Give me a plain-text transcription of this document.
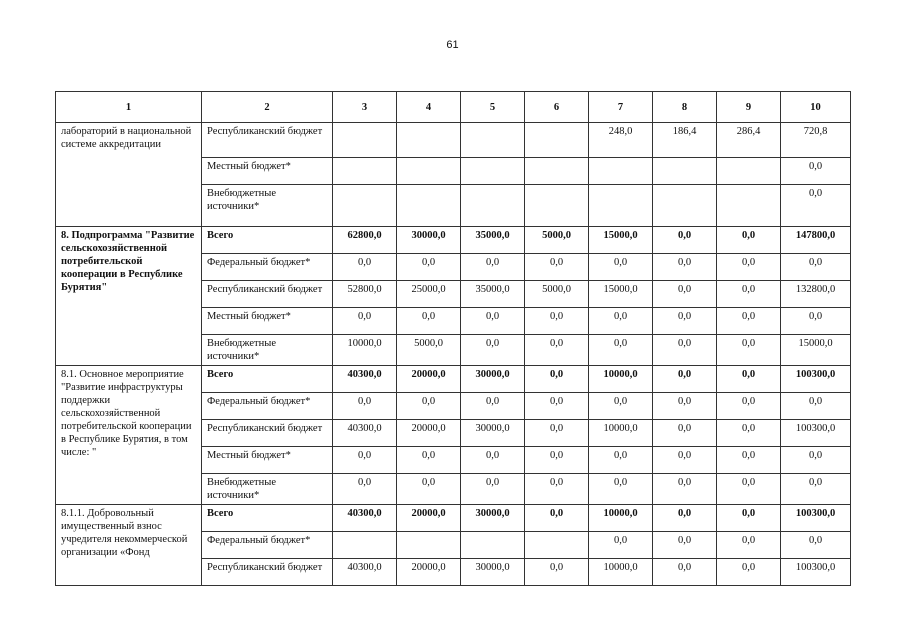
61
1	2	3	4	5	6	7	8	9	10
лабораторий в национальной системе аккредитации	Республиканский бюджет					248,0	186,4	286,4	720,8
	Местный бюджет*								0,0
	Внебюджетные источники*								0,0
8. Подпрограмма "Развитие сельскохозяйственной потребительской кооперации в Республике Бурятия"	Всего	62800,0	30000,0	35000,0	5000,0	15000,0	0,0	0,0	147800,0
	Федеральный бюджет*	0,0	0,0	0,0	0,0	0,0	0,0	0,0	0,0
	Республиканский бюджет	52800,0	25000,0	35000,0	5000,0	15000,0	0,0	0,0	132800,0
	Местный бюджет*	0,0	0,0	0,0	0,0	0,0	0,0	0,0	0,0
	Внебюджетные источники*	10000,0	5000,0	0,0	0,0	0,0	0,0	0,0	15000,0
8.1. Основное мероприятие "Развитие инфраструктуры поддержки сельскохозяйственной потребительской кооперации в Республике Бурятия, в том числе: "	Всего	40300,0	20000,0	30000,0	0,0	10000,0	0,0	0,0	100300,0
	Федеральный бюджет*	0,0	0,0	0,0	0,0	0,0	0,0	0,0	0,0
	Республиканский бюджет	40300,0	20000,0	30000,0	0,0	10000,0	0,0	0,0	100300,0
	Местный бюджет*	0,0	0,0	0,0	0,0	0,0	0,0	0,0	0,0
	Внебюджетные источники*	0,0	0,0	0,0	0,0	0,0	0,0	0,0	0,0
8.1.1. Добровольный имущественный взнос учредителя некоммерческой организации «Фонд	Всего	40300,0	20000,0	30000,0	0,0	10000,0	0,0	0,0	100300,0
	Федеральный бюджет*					0,0	0,0	0,0	0,0
	Республиканский бюджет	40300,0	20000,0	30000,0	0,0	10000,0	0,0	0,0	100300,0
